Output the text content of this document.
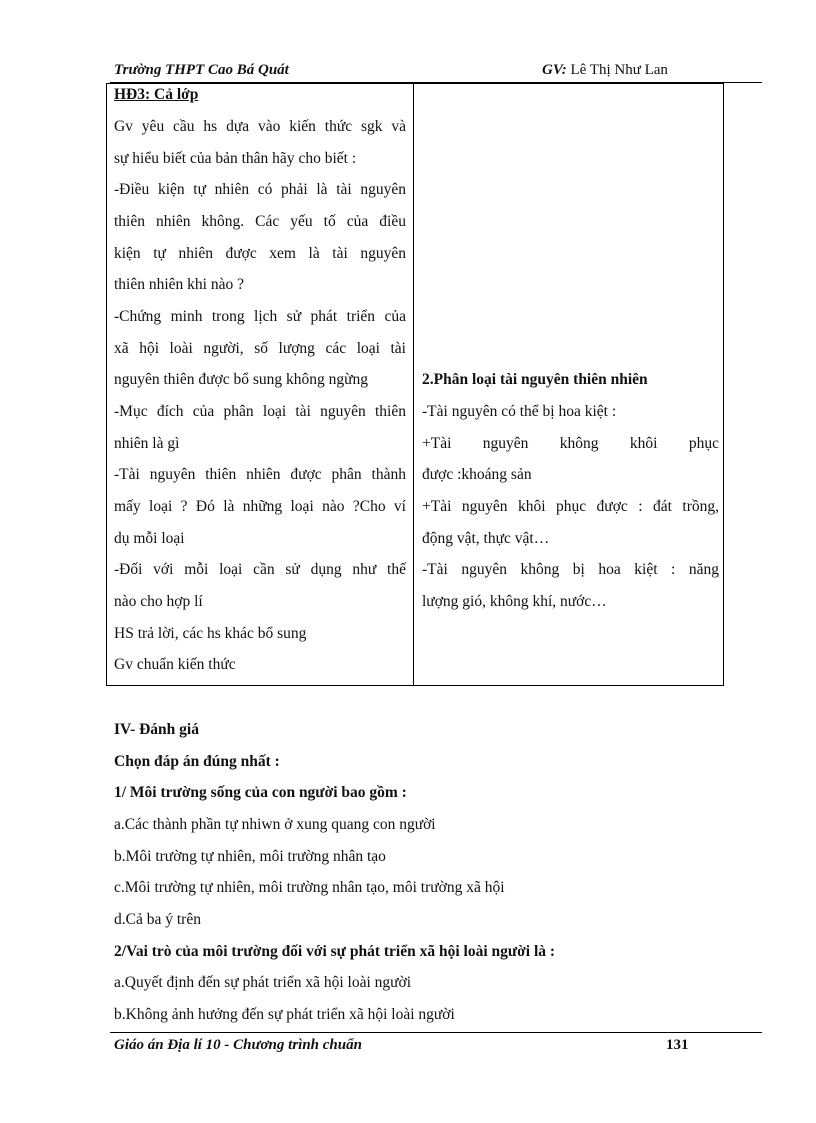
Trường THPT Cao Bá Quát	GV: Lê Thị Như Lan
HĐ3: Cả lớp
Gv yêu cầu hs dựa vào kiến thức sgk và
sự hiểu biết của bản thân hãy cho biết :
-Điều kiện tự nhiên có phải là tài nguyên
thiên nhiên không. Các yếu tố của điều
kiện tự nhiên được xem là tài nguyên
thiên nhiên khi nào ?
-Chứng minh trong lịch sử phát triển của
xã hội loài người, số lượng các loại tài
nguyên thiên được bổ sung không ngừng
-Mục đích của phân loại tài nguyên thiên
nhiên là gì
-Tài nguyên thiên nhiên được phân thành
mấy loại ? Đó là những loại nào ?Cho ví
dụ mỗi loại
-Đối với mỗi loại cần sử dụng như thế
nào cho hợp lí
HS trả lời, các hs khác bổ sung
Gv chuẩn kiến thức
2.Phân loại tài nguyên thiên nhiên
-Tài nguyên có thể bị hoa kiệt :
+Tài nguyên không khôi phục
được :khoáng sản
+Tài nguyên khôi phục được : đát trồng,
động vật, thực vật…
-Tài nguyên không bị hoa kiệt : năng
lượng gió, không khí, nước…
IV- Đánh giá
Chọn đáp án đúng nhất :
1/ Môi trường sống của con người bao gồm :
a.Các thành phần tự nhiwn ở xung quang con người
b.Môi trường tự nhiên, môi trường nhân tạo
c.Môi trường tự nhiên, môi trường nhân tạo, môi trường xã hội
d.Cả ba ý trên
2/Vai trò của môi trường đối với sự phát triển xã hội loài người là :
a.Quyết định đến sự phát triển xã hội loài người
b.Không ảnh hưởng đến sự phát triển xã hội loài người
Giáo án Địa lí 10 - Chương trình chuẩn	131
